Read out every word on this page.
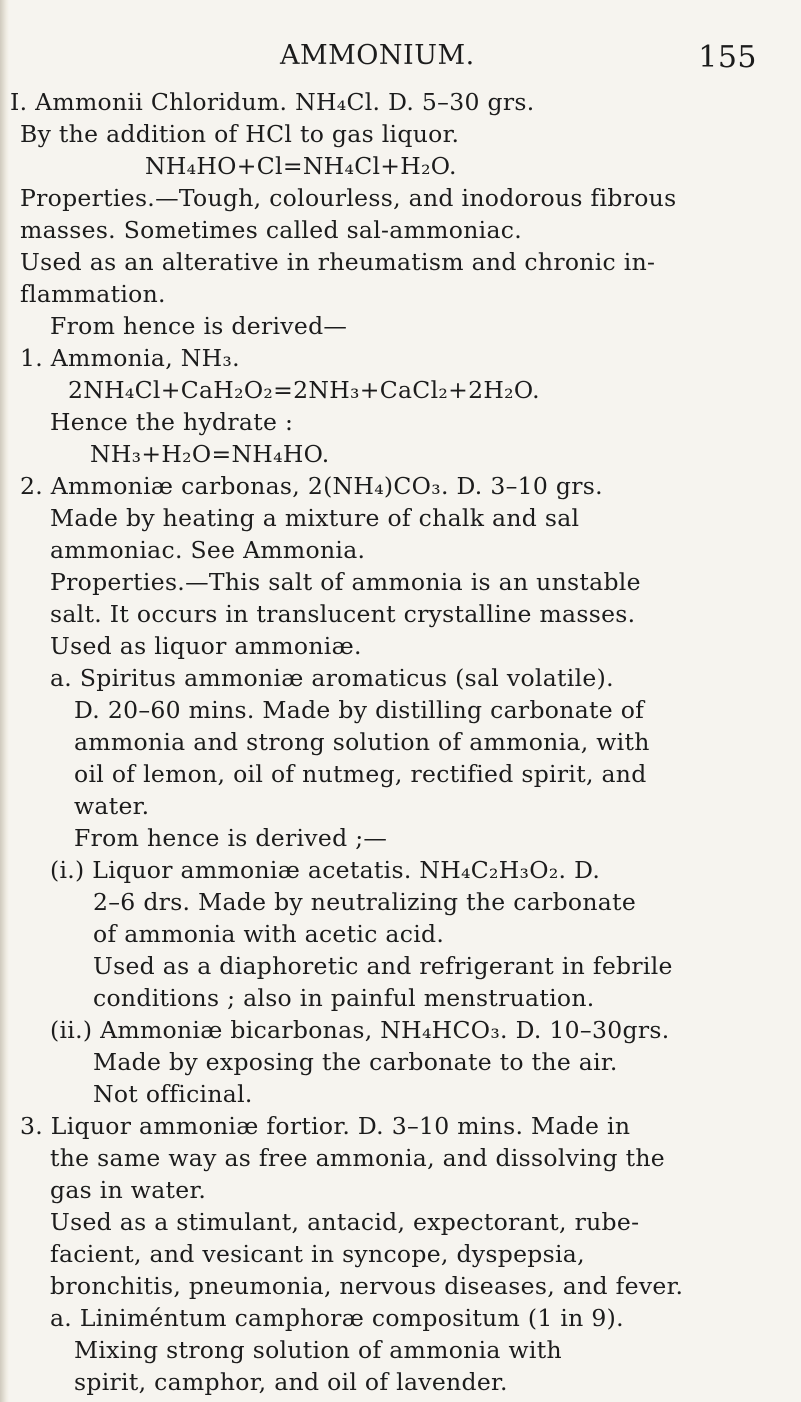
AMMONIUM.	155
I. Ammonii Chloridum. NH₄Cl. D. 5–30 grs.
By the addition of HCl to gas liquor.
NH₄HO+Cl=NH₄Cl+H₂O.
Properties.—Tough, colourless, and inodorous fibrous
masses. Sometimes called sal-ammoniac.
Used as an alterative in rheumatism and chronic in-
flammation.
From hence is derived—
1. Ammonia, NH₃.
2NH₄Cl+CaH₂O₂=2NH₃+CaCl₂+2H₂O.
Hence the hydrate :
NH₃+H₂O=NH₄HO.
2. Ammoniæ carbonas, 2(NH₄)CO₃. D. 3–10 grs.
Made by heating a mixture of chalk and sal
ammoniac. See Ammonia.
Properties.—This salt of ammonia is an unstable
salt. It occurs in translucent crystalline masses.
Used as liquor ammoniæ.
a. Spiritus ammoniæ aromaticus (sal volatile).
D. 20–60 mins. Made by distilling carbonate of
ammonia and strong solution of ammonia, with
oil of lemon, oil of nutmeg, rectified spirit, and
water.
From hence is derived ;—
(i.) Liquor ammoniæ acetatis. NH₄C₂H₃O₂. D.
2–6 drs. Made by neutralizing the carbonate
of ammonia with acetic acid.
Used as a diaphoretic and refrigerant in febrile
conditions ; also in painful menstruation.
(ii.) Ammoniæ bicarbonas, NH₄HCO₃. D. 10–30grs.
Made by exposing the carbonate to the air.
Not officinal.
3. Liquor ammoniæ fortior. D. 3–10 mins. Made in
the same way as free ammonia, and dissolving the
gas in water.
Used as a stimulant, antacid, expectorant, rube-
facient, and vesicant in syncope, dyspepsia,
bronchitis, pneumonia, nervous diseases, and fever.
a. Liniméntum camphoræ compositum (1 in 9).
Mixing strong solution of ammonia with
spirit, camphor, and oil of lavender.
